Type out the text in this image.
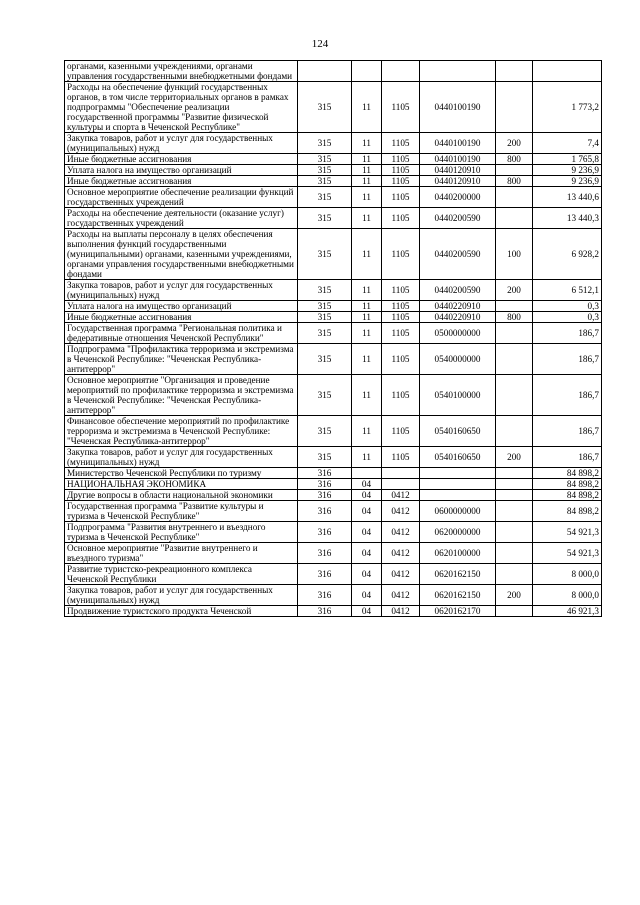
124
органами, казенными учреждениями, органами управления государственными внебюджетными фондами						
Расходы на обеспечение функций государственных органов, в том числе территориальных органов в рамках подпрограммы "Обеспечение реализации государственной программы "Развитие физической культуры и спорта в Чеченской Республике"	315	11	1105	0440100190		1 773,2
Закупка товаров, работ и услуг для государственных (муниципальных) нужд	315	11	1105	0440100190	200	7,4
Иные бюджетные ассигнования	315	11	1105	0440100190	800	1 765,8
Уплата налога на имущество организаций	315	11	1105	0440120910		9 236,9
Иные бюджетные ассигнования	315	11	1105	0440120910	800	9 236,9
Основное мероприятие обеспечение реализации функций государственных учреждений	315	11	1105	0440200000		13 440,6
Расходы на обеспечение деятельности (оказание услуг) государственных учреждений	315	11	1105	0440200590		13 440,3
Расходы на выплаты персоналу в целях обеспечения выполнения функций государственными (муниципальными) органами, казенными учреждениями, органами управления государственными внебюджетными фондами	315	11	1105	0440200590	100	6 928,2
Закупка товаров, работ и услуг для государственных (муниципальных) нужд	315	11	1105	0440200590	200	6 512,1
Уплата налога на имущество организаций	315	11	1105	0440220910		0,3
Иные бюджетные ассигнования	315	11	1105	0440220910	800	0,3
Государственная программа "Региональная политика и федеративные отношения Чеченской Республики"	315	11	1105	0500000000		186,7
Подпрограмма "Профилактика терроризма и экстремизма в Чеченской Республике: "Чеченская Республика-антитеррор"	315	11	1105	0540000000		186,7
Основное мероприятие "Организация и проведение мероприятий по профилактике терроризма и экстремизма в Чеченской Республике: "Чеченская Республика-антитеррор"	315	11	1105	0540100000		186,7
Финансовое обеспечение мероприятий по профилактике терроризма и экстремизма в Чеченской Республике: "Чеченская Республика-антитеррор"	315	11	1105	0540160650		186,7
Закупка товаров, работ и услуг для государственных (муниципальных) нужд	315	11	1105	0540160650	200	186,7
Министерство Чеченской Республики по туризму	316					84 898,2
НАЦИОНАЛЬНАЯ ЭКОНОМИКА	316	04				84 898,2
Другие вопросы в области национальной экономики	316	04	0412			84 898,2
Государственная программа "Развитие культуры и туризма в Чеченской Республике"	316	04	0412	0600000000		84 898,2
Подпрограмма "Развития внутреннего и въездного туризма в Чеченской Республике"	316	04	0412	0620000000		54 921,3
Основное мероприятие "Развитие внутреннего и въездного туризма"	316	04	0412	0620100000		54 921,3
Развитие туристско-рекреационного комплекса Чеченской Республики	316	04	0412	0620162150		8 000,0
Закупка товаров, работ и услуг для государственных (муниципальных) нужд	316	04	0412	0620162150	200	8 000,0
Продвижение туристского продукта Чеченской	316	04	0412	0620162170		46 921,3
